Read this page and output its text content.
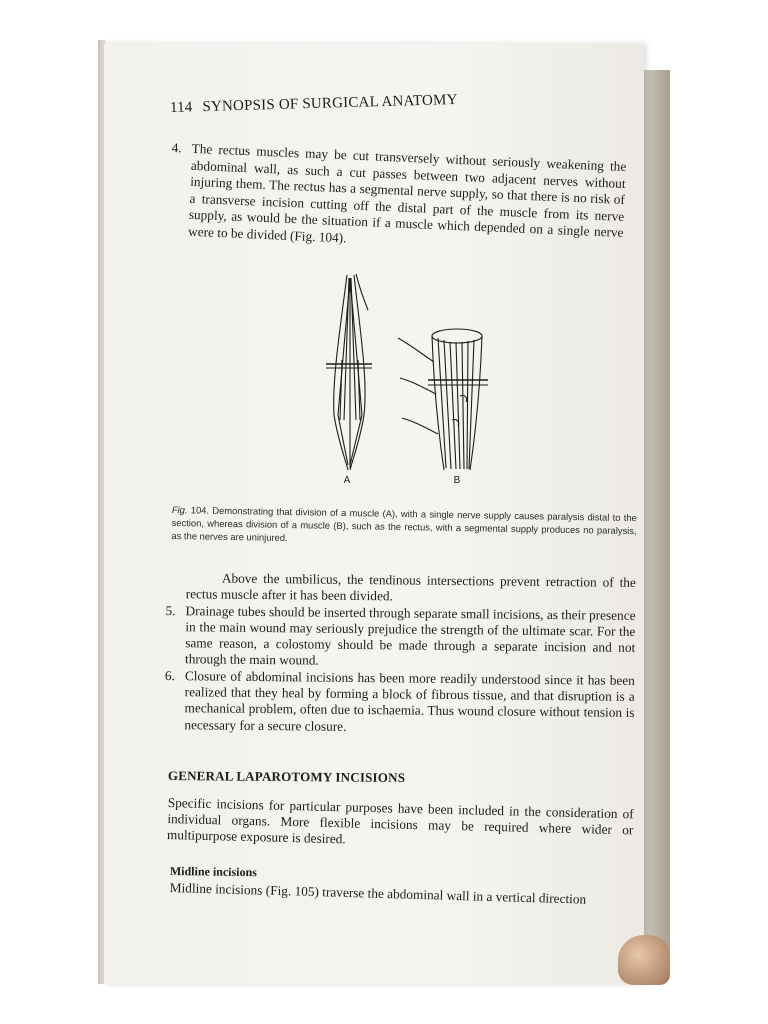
114 SYNOPSIS OF SURGICAL ANATOMY
4. The rectus muscles may be cut transversely without seriously weakening the abdominal wall, as such a cut passes between two adjacent nerves without injuring them. The rectus has a segmental nerve supply, so that there is no risk of a transverse incision cutting off the distal part of the muscle from its nerve supply, as would be the situation if a muscle which depended on a single nerve were to be divided (Fig. 104).

A	B
Fig. 104. Demonstrating that division of a muscle (A), with a single nerve supply causes paralysis distal to the section, whereas division of a muscle (B), such as the rectus, with a segmental supply produces no paralysis, as the nerves are uninjured.

Above the umbilicus, the tendinous intersections prevent retraction of the rectus muscle after it has been divided.

5. Drainage tubes should be inserted through separate small incisions, as their presence in the main wound may seriously prejudice the strength of the ultimate scar. For the same reason, a colostomy should be made through a separate incision and not through the main wound.

6. Closure of abdominal incisions has been more readily understood since it has been realized that they heal by forming a block of fibrous tissue, and that disruption is a mechanical problem, often due to ischaemia. Thus wound closure without tension is necessary for a secure closure.

GENERAL LAPAROTOMY INCISIONS
Specific incisions for particular purposes have been included in the consideration of individual organs. More flexible incisions may be required where wider or multipurpose exposure is desired.
Midline incisions
Midline incisions (Fig. 105) traverse the abdominal wall in a vertical direction
